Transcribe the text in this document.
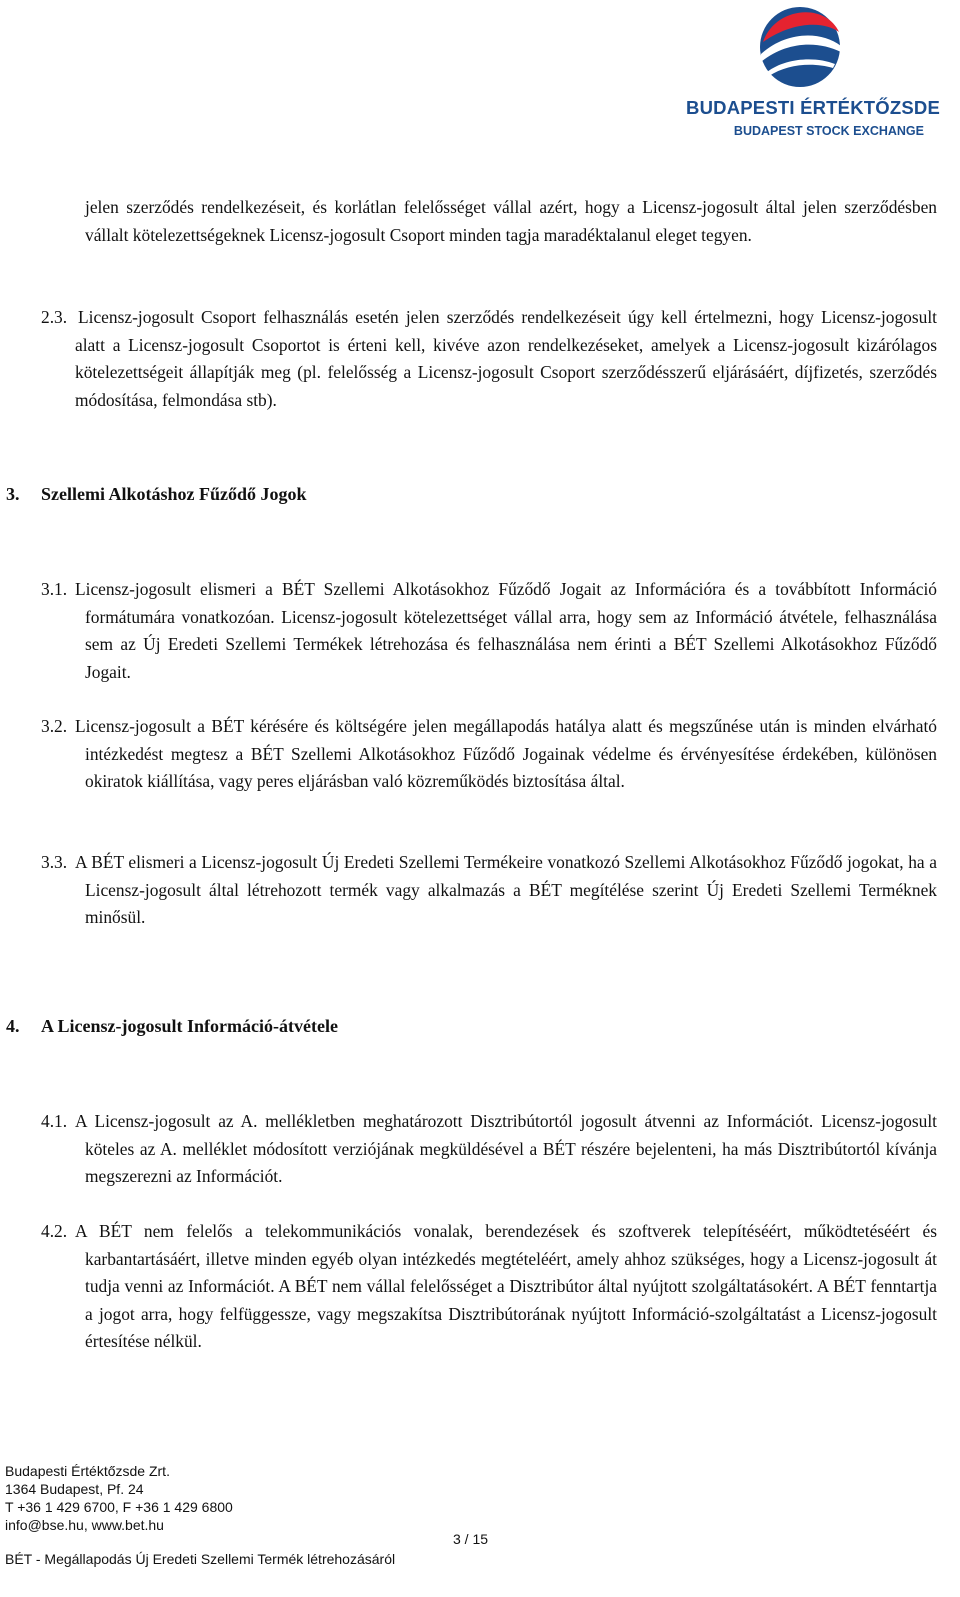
BUDAPESTI ÉRTÉKTŐZSDE
BUDAPEST STOCK EXCHANGE

jelen szerződés rendelkezéseit, és korlátlan felelősséget vállal azért, hogy a Licensz-jogosult által jelen szerződésben vállalt kötelezettségeknek Licensz-jogosult Csoport minden tagja maradéktalanul eleget tegyen.

2.3. Licensz-jogosult Csoport felhasználás esetén jelen szerződés rendelkezéseit úgy kell értelmezni, hogy Licensz-jogosult alatt a Licensz-jogosult Csoportot is érteni kell, kivéve azon rendelkezéseket, amelyek a Licensz-jogosult kizárólagos kötelezettségeit állapítják meg (pl. felelősség a Licensz-jogosult Csoport szerződésszerű eljárásáért, díjfizetés, szerződés módosítása, felmondása stb).

3. Szellemi Alkotáshoz Fűződő Jogok
3.1. Licensz-jogosult elismeri a BÉT Szellemi Alkotásokhoz Fűződő Jogait az Információra és a továbbított Információ formátumára vonatkozóan. Licensz-jogosult kötelezettséget vállal arra, hogy sem az Információ átvétele, felhasználása sem az Új Eredeti Szellemi Termékek létrehozása és felhasználása nem érinti a BÉT Szellemi Alkotásokhoz Fűződő Jogait.

3.2. Licensz-jogosult a BÉT kérésére és költségére jelen megállapodás hatálya alatt és megszűnése után is minden elvárható intézkedést megtesz a BÉT Szellemi Alkotásokhoz Fűződő Jogainak védelme és érvényesítése érdekében, különösen okiratok kiállítása, vagy peres eljárásban való közreműködés biztosítása által.

3.3. A BÉT elismeri a Licensz-jogosult Új Eredeti Szellemi Termékeire vonatkozó Szellemi Alkotásokhoz Fűződő jogokat, ha a Licensz-jogosult által létrehozott termék vagy alkalmazás a BÉT megítélése szerint Új Eredeti Szellemi Terméknek minősül.

4. A Licensz-jogosult Információ-átvétele
4.1. A Licensz-jogosult az A. mellékletben meghatározott Disztribútortól jogosult átvenni az Információt. Licensz-jogosult köteles az A. melléklet módosított verziójának megküldésével a BÉT részére bejelenteni, ha más Disztribútortól kívánja megszerezni az Információt.

4.2. A BÉT nem felelős a telekommunikációs vonalak, berendezések és szoftverek telepítéséért, működtetéséért és karbantartásáért, illetve minden egyéb olyan intézkedés megtételéért, amely ahhoz szükséges, hogy a Licensz-jogosult át tudja venni az Információt. A BÉT nem vállal felelősséget a Disztribútor által nyújtott szolgáltatásokért. A BÉT fenntartja a jogot arra, hogy felfüggessze, vagy megszakítsa Disztribútorának nyújtott Információ-szolgáltatást a Licensz-jogosult értesítése nélkül.

Budapesti Értéktőzsde Zrt.
1364 Budapest, Pf. 24
T +36 1 429 6700, F +36 1 429 6800
info@bse.hu, www.bet.hu
3 / 15
BÉT - Megállapodás Új Eredeti Szellemi Termék létrehozásáról
